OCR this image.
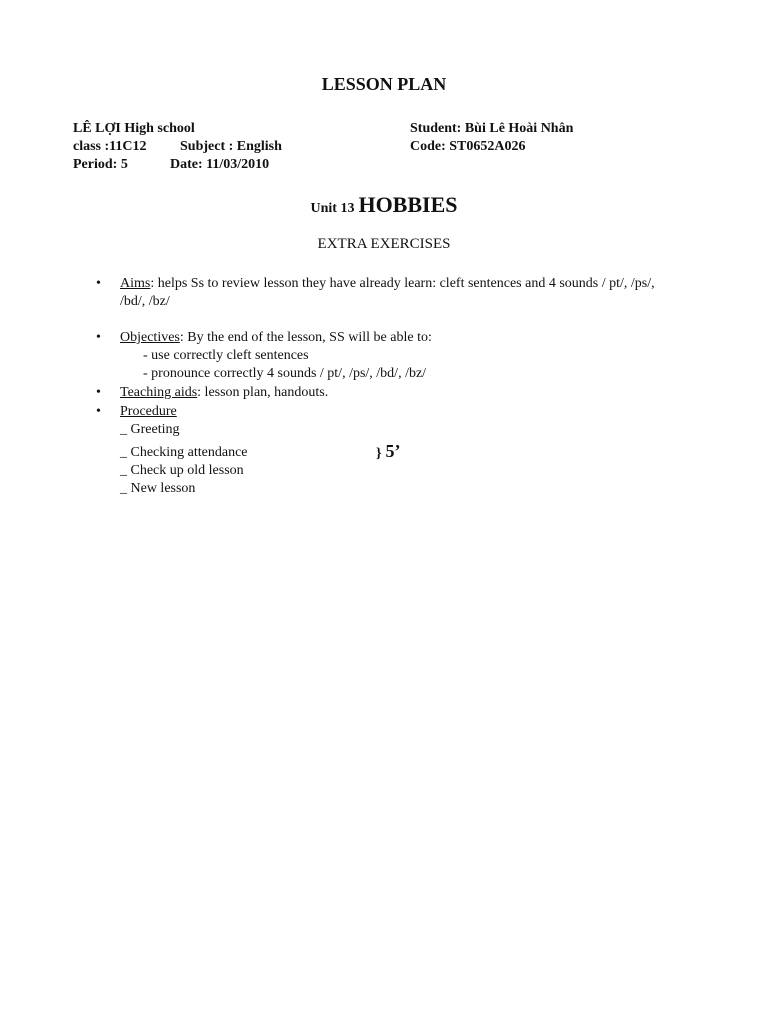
LESSON PLAN
LÊ LỢI High school	Student: Bùi Lê Hoài Nhân
class :11C12 Subject : English	Code: ST0652A026
Period: 5	Date: 11/03/2010
Unit 13 HOBBIES
EXTRA EXERCISES
• Aims: helps Ss to review lesson they have already learn: cleft sentences and 4 sounds / pt/, /ps/, /bd/, /bz/
• Objectives: By the end of the lesson, SS will be able to:
- use correctly cleft sentences
- pronounce correctly 4 sounds / pt/, /ps/, /bd/, /bz/
• Teaching aids: lesson plan, handouts.
• Procedure
_ Greeting
_ Checking attendance
_ Check up old lesson
_ New lesson
} 5’
